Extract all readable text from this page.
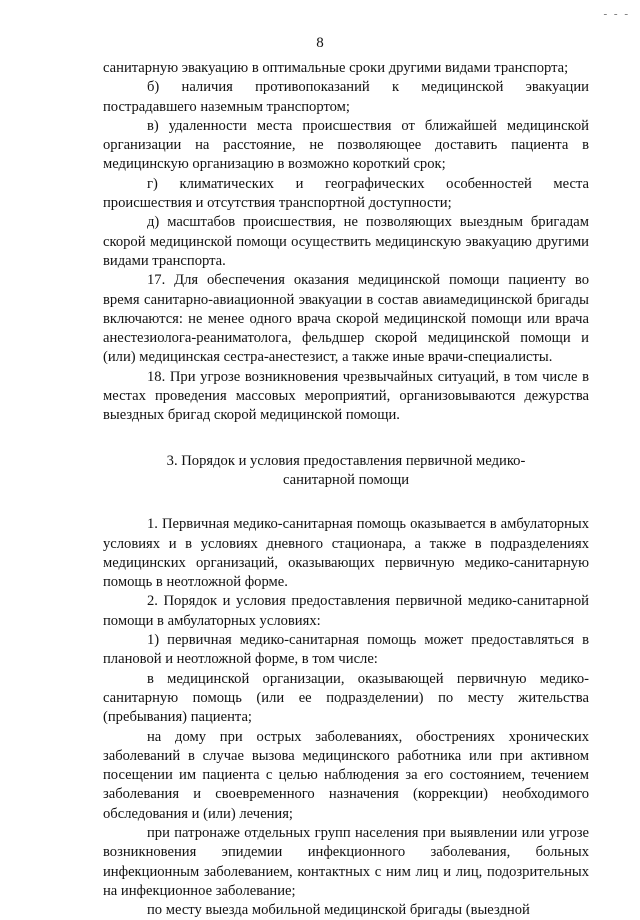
- - -
8

санитарную эвакуацию в оптимальные сроки другими видами транспорта;

б) наличия противопоказаний к медицинской эвакуации пострадавшего наземным транспортом;

в) удаленности места происшествия от ближайшей медицинской организации на расстояние, не позволяющее доставить пациента в медицинскую организацию в возможно короткий срок;

г) климатических и географических особенностей места происшествия и отсутствия транспортной доступности;

д) масштабов происшествия, не позволяющих выездным бригадам скорой медицинской помощи осуществить медицинскую эвакуацию другими видами транспорта.

17. Для обеспечения оказания медицинской помощи пациенту во время санитарно-авиационной эвакуации в состав авиамедицинской бригады включаются: не менее одного врача скорой медицинской помощи или врача анестезиолога-реаниматолога, фельдшер скорой медицинской помощи и (или) медицинская сестра-анестезист, а также иные врачи-специалисты.

18. При угрозе возникновения чрезвычайных ситуаций, в том числе в местах проведения массовых мероприятий, организовываются дежурства выездных бригад скорой медицинской помощи.

3. Порядок и условия предоставления первичной медико-санитарной помощи

1. Первичная медико-санитарная помощь оказывается в амбулаторных условиях и в условиях дневного стационара, а также в подразделениях медицинских организаций, оказывающих первичную медико-санитарную помощь в неотложной форме.

2. Порядок и условия предоставления первичной медико-санитарной помощи в амбулаторных условиях:

1) первичная медико-санитарная помощь может предоставляться в плановой и неотложной форме, в том числе:

в медицинской организации, оказывающей первичную медико-санитарную помощь (или ее подразделении) по месту жительства (пребывания) пациента;

на дому при острых заболеваниях, обострениях хронических заболеваний в случае вызова медицинского работника или при активном посещении им пациента с целью наблюдения за его состоянием, течением заболевания и своевременного назначения (коррекции) необходимого обследования и (или) лечения;

при патронаже отдельных групп населения при выявлении или угрозе возникновения эпидемии инфекционного заболевания, больных инфекционным заболеванием, контактных с ним лиц и лиц, подозрительных на инфекционное заболевание;

по месту выезда мобильной медицинской бригады (выездной
